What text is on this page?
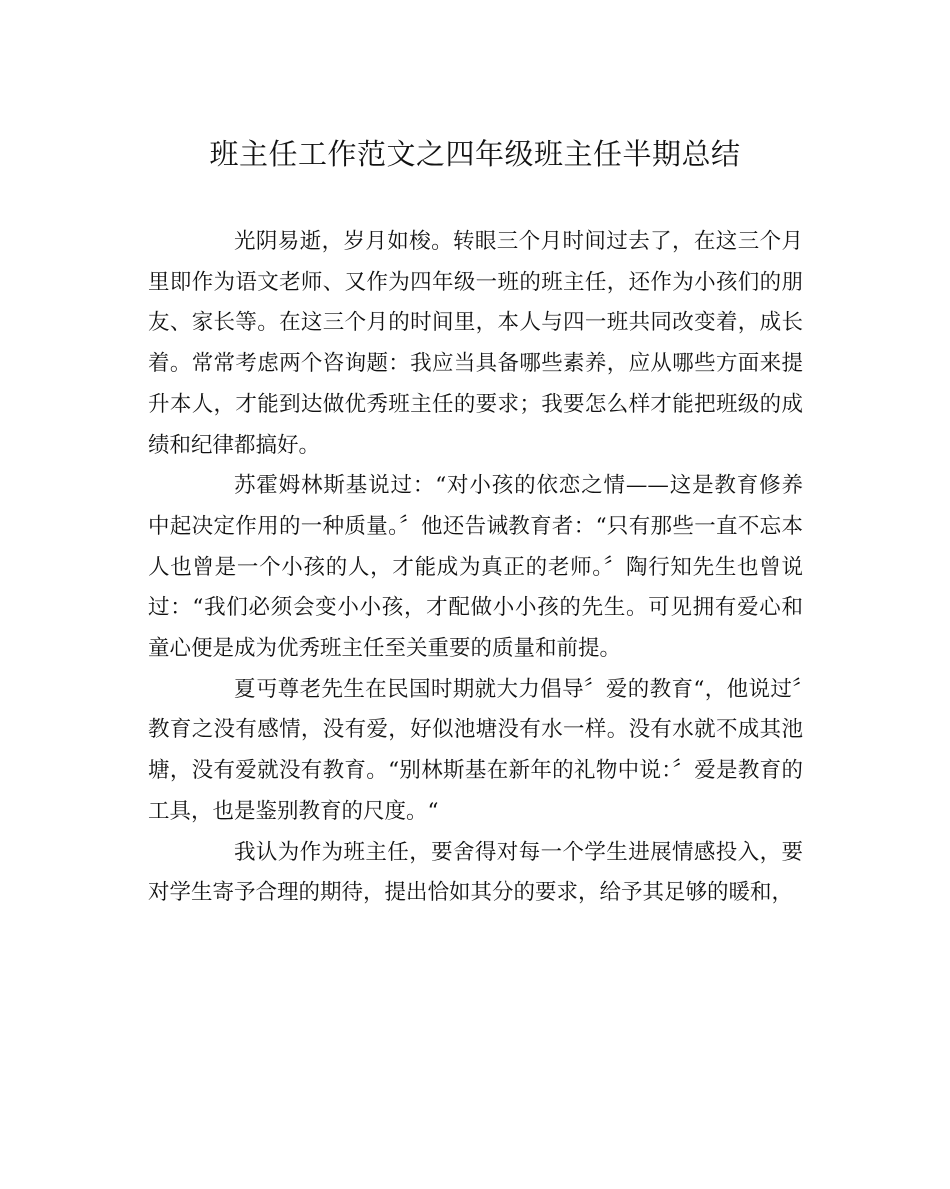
班主任工作范文之四年级班主任半期总结

光阴易逝，岁月如梭。转眼三个月时间过去了，在这三个月里即作为语文老师、又作为四年级一班的班主任，还作为小孩们的朋友、家长等。在这三个月的时间里，本人与四一班共同改变着，成长着。常常考虑两个咨询题：我应当具备哪些素养，应从哪些方面来提升本人，才能到达做优秀班主任的要求；我要怎么样才能把班级的成绩和纪律都搞好。

苏霍姆林斯基说过：“对小孩的依恋之情——这是教育修养中起决定作用的一种质量。〞他还告诫教育者：“只有那些一直不忘本人也曾是一个小孩的人，才能成为真正的老师。〞陶行知先生也曾说过：“我们必须会变小小孩，才配做小小孩的先生。可见拥有爱心和童心便是成为优秀班主任至关重要的质量和前提。

夏丏尊老先生在民国时期就大力倡导〞爱的教育“，他说过〞教育之没有感情，没有爱，好似池塘没有水一样。没有水就不成其池塘，没有爱就没有教育。“别林斯基在新年的礼物中说：〞爱是教育的工具，也是鉴别教育的尺度。“

我认为作为班主任，要舍得对每一个学生进展情感投入，要对学生寄予合理的期待，提出恰如其分的要求，给予其足够的暖和，
